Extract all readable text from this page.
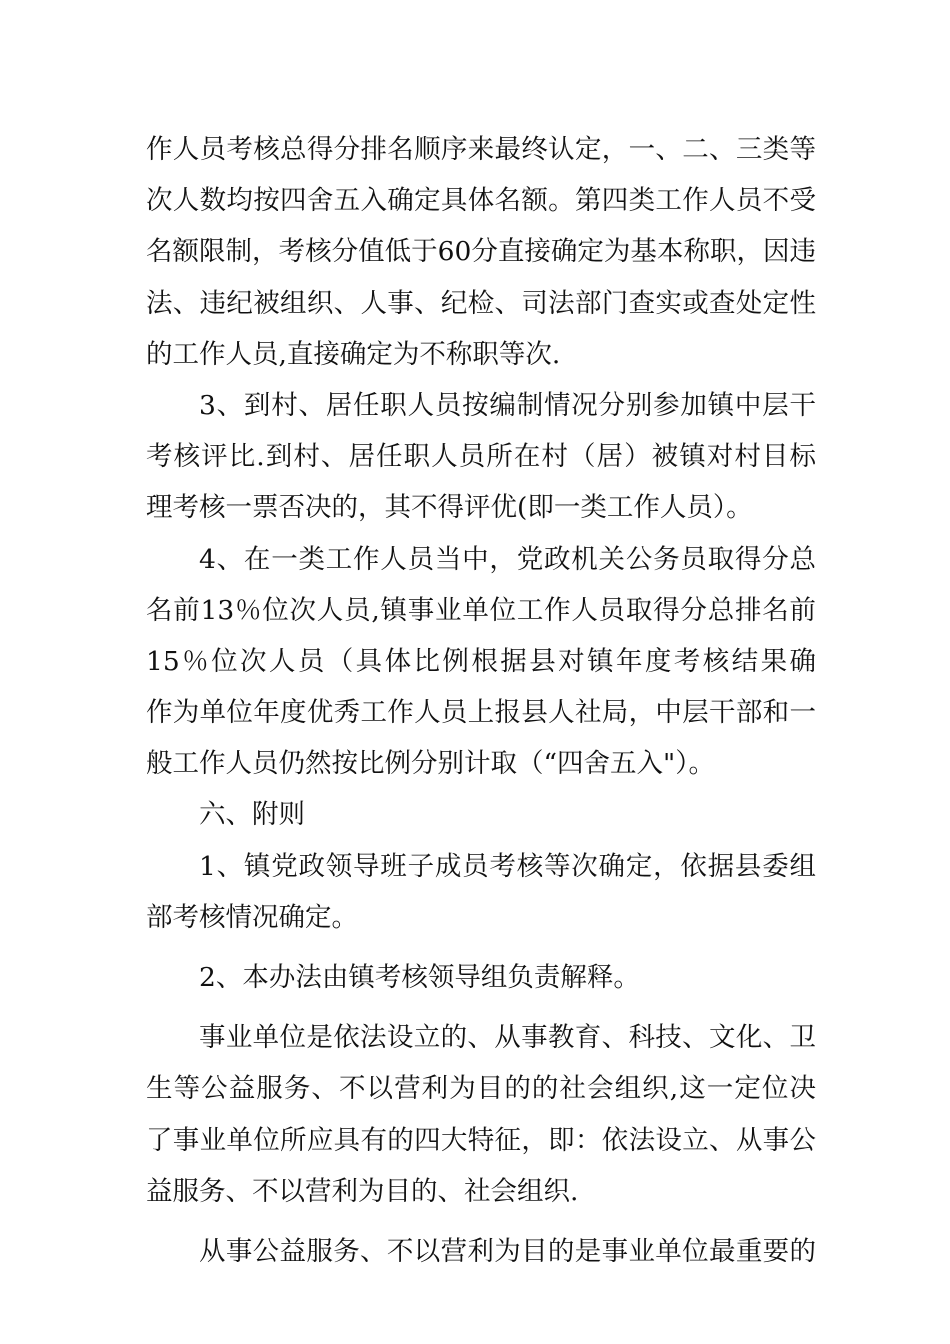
作人员考核总得分排名顺序来最终认定，一、二、三类等
次人数均按四舍五入确定具体名额。第四类工作人员不受
名额限制，考核分值低于60分直接确定为基本称职，因违
法、违纪被组织、人事、纪检、司法部门查实或查处定性
的工作人员,直接确定为不称职等次.
3、到村、居任职人员按编制情况分别参加镇中层干
考核评比.到村、居任职人员所在村（居）被镇对村目标
理考核一票否决的，其不得评优(即一类工作人员）。
4、在一类工作人员当中，党政机关公务员取得分总
名前13％位次人员,镇事业单位工作人员取得分总排名前
15％位次人员（具体比例根据县对镇年度考核结果确
作为单位年度优秀工作人员上报县人社局，中层干部和一
般工作人员仍然按比例分别计取（“四舍五入"）。
六、附则
1、镇党政领导班子成员考核等次确定，依据县委组
部考核情况确定。
2、本办法由镇考核领导组负责解释。
事业单位是依法设立的、从事教育、科技、文化、卫
生等公益服务、不以营利为目的的社会组织,这一定位决
了事业单位所应具有的四大特征，即：依法设立、从事公
益服务、不以营利为目的、社会组织.
从事公益服务、不以营利为目的是事业单位最重要的
